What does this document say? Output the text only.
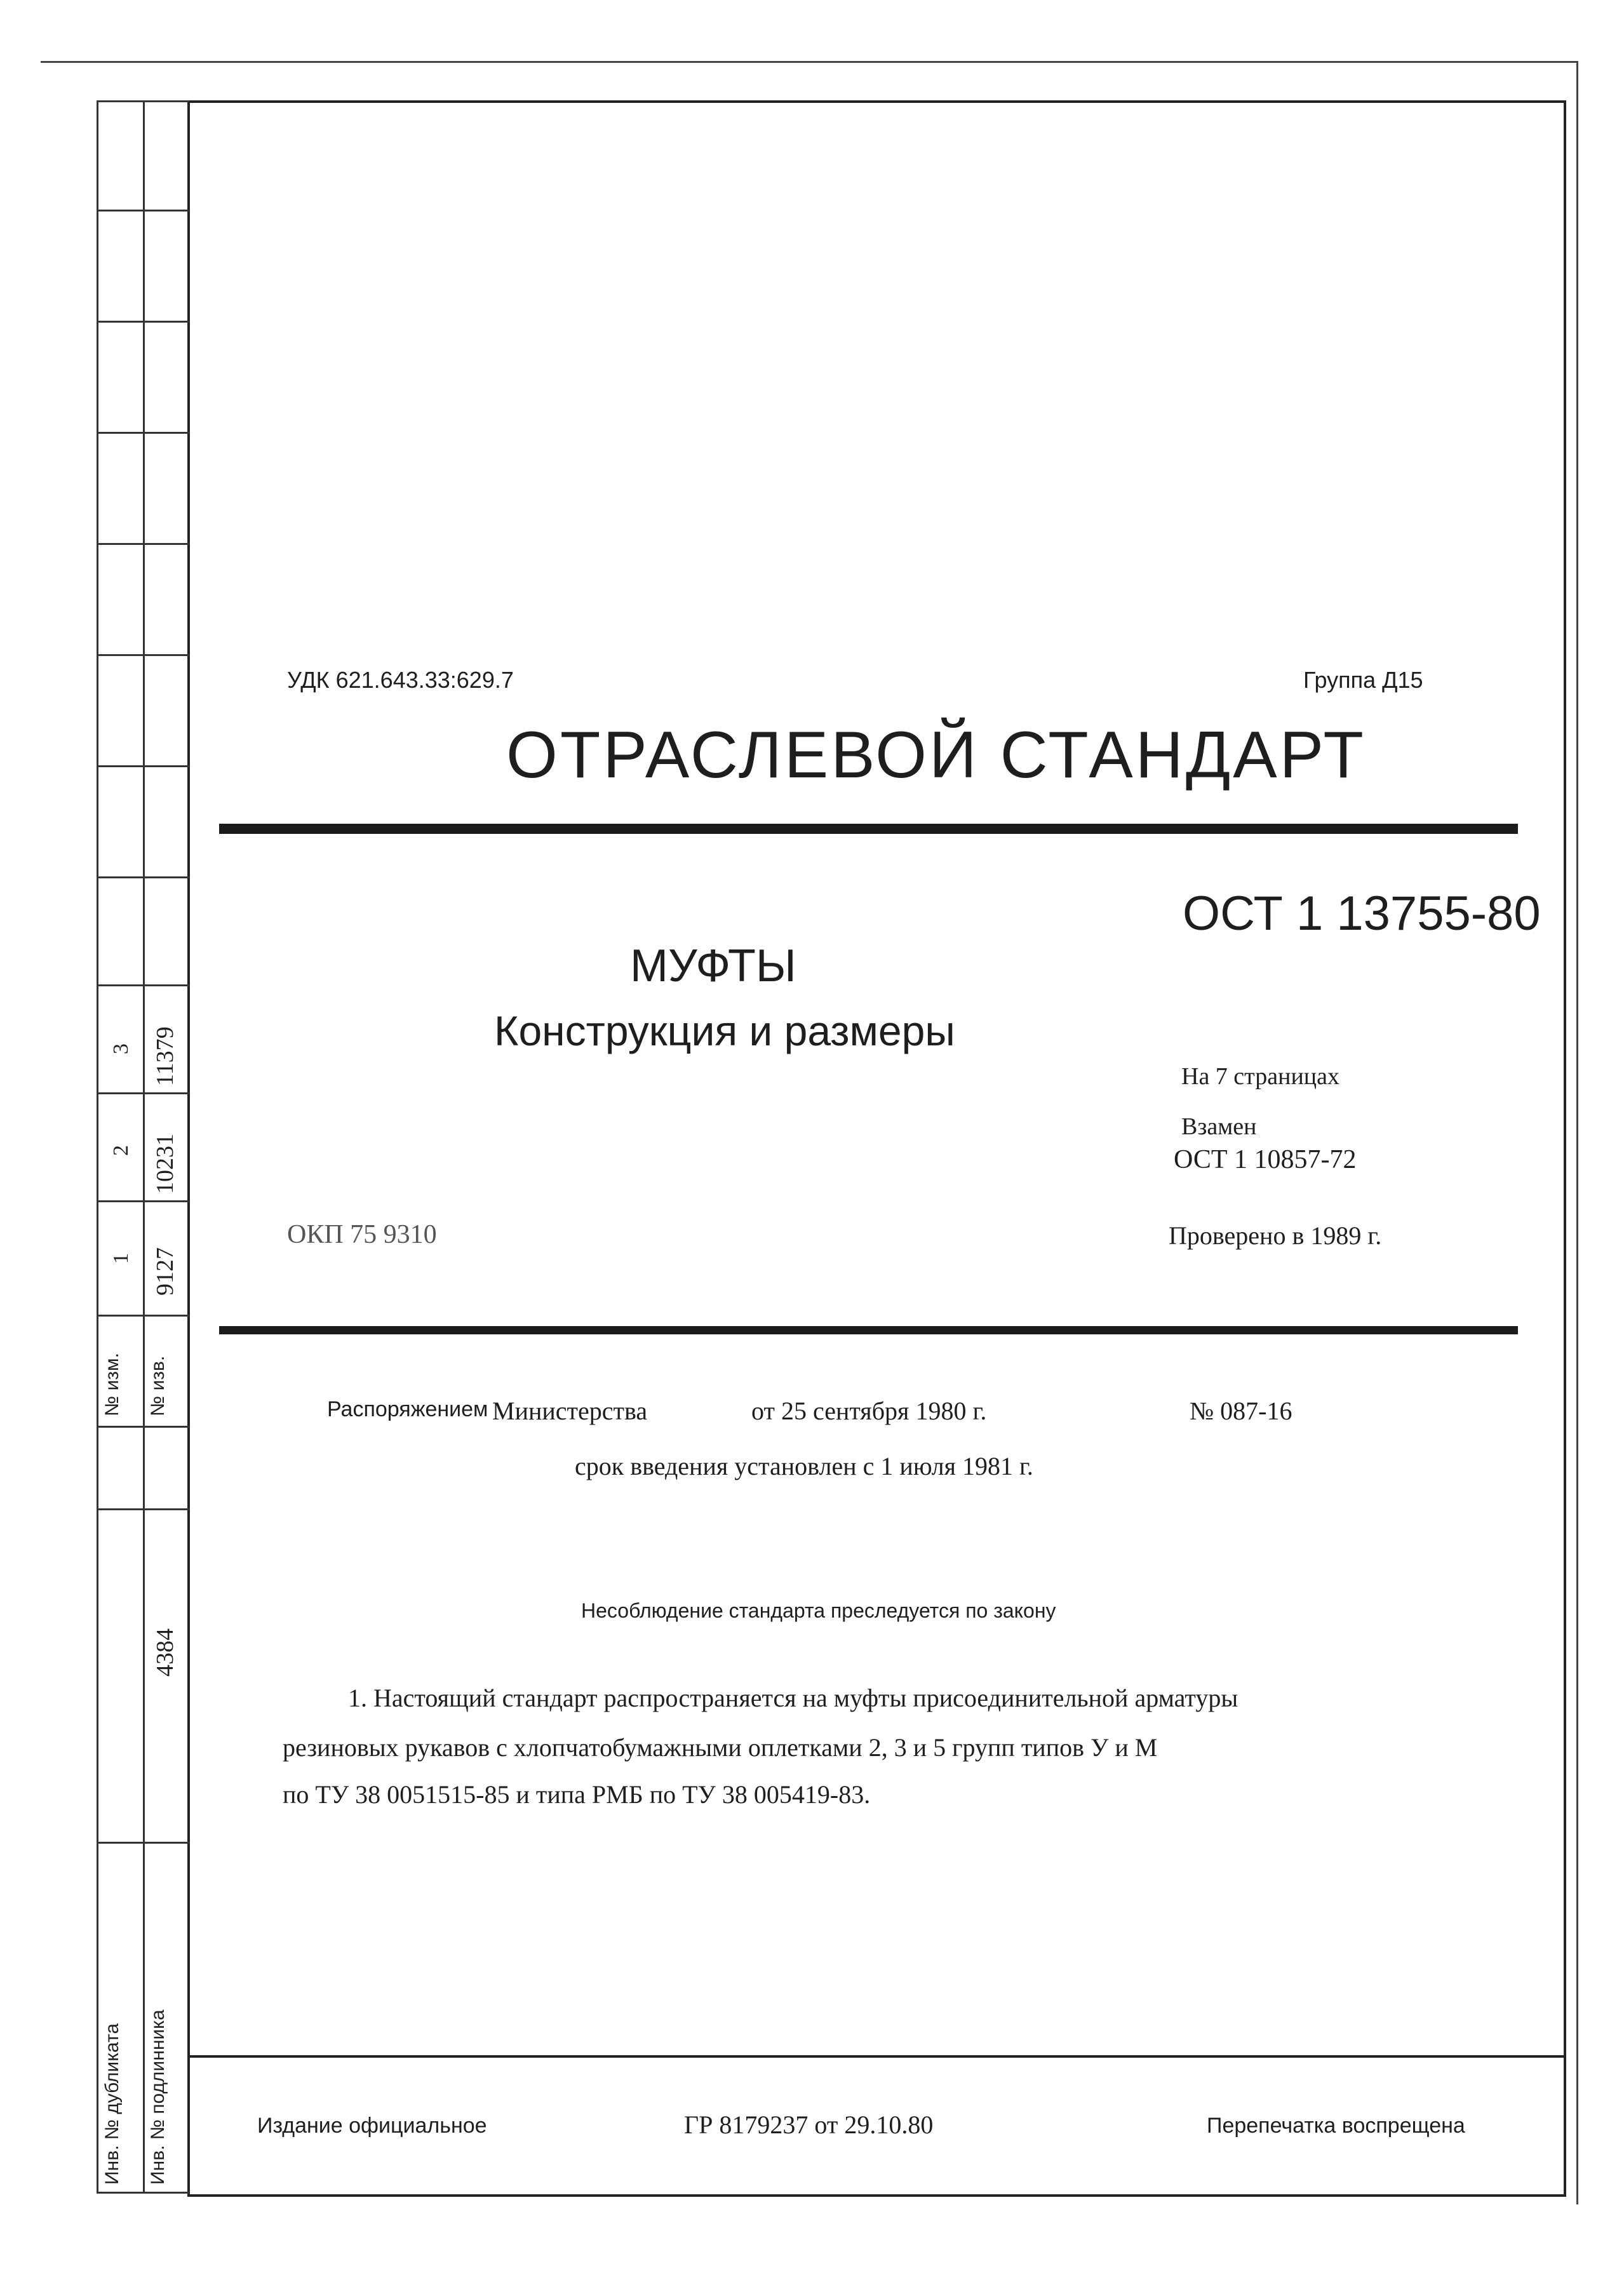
№ изм. № изв.
1 9127
2 10231
3 11379
4384
Инв. № дубликата Инв. № подлинника
УДК 621.643.33:629.7	Группа Д15
ОТРАСЛЕВОЙ СТАНДАРТ
ОСТ 1 13755-80
МУФТЫ
Конструкция и размеры
На 7 страницах
Взамен
ОСТ 1 10857-72
ОКП 75 9310	Проверено в 1989 г.
Распоряжением Министерства	от 25 сентября 1980 г.	№ 087-16
срок введения установлен с 1 июля 1981 г.
Несоблюдение стандарта преследуется по закону
1. Настоящий стандарт распространяется на муфты присоединительной арматуры
резиновых рукавов с хлопчатобумажными оплетками 2, 3 и 5 групп типов У и М
по ТУ 38 0051515-85 и типа РМБ по ТУ 38 005419-83.
Издание официальное	ГР 8179237 от 29.10.80	Перепечатка воспрещена
